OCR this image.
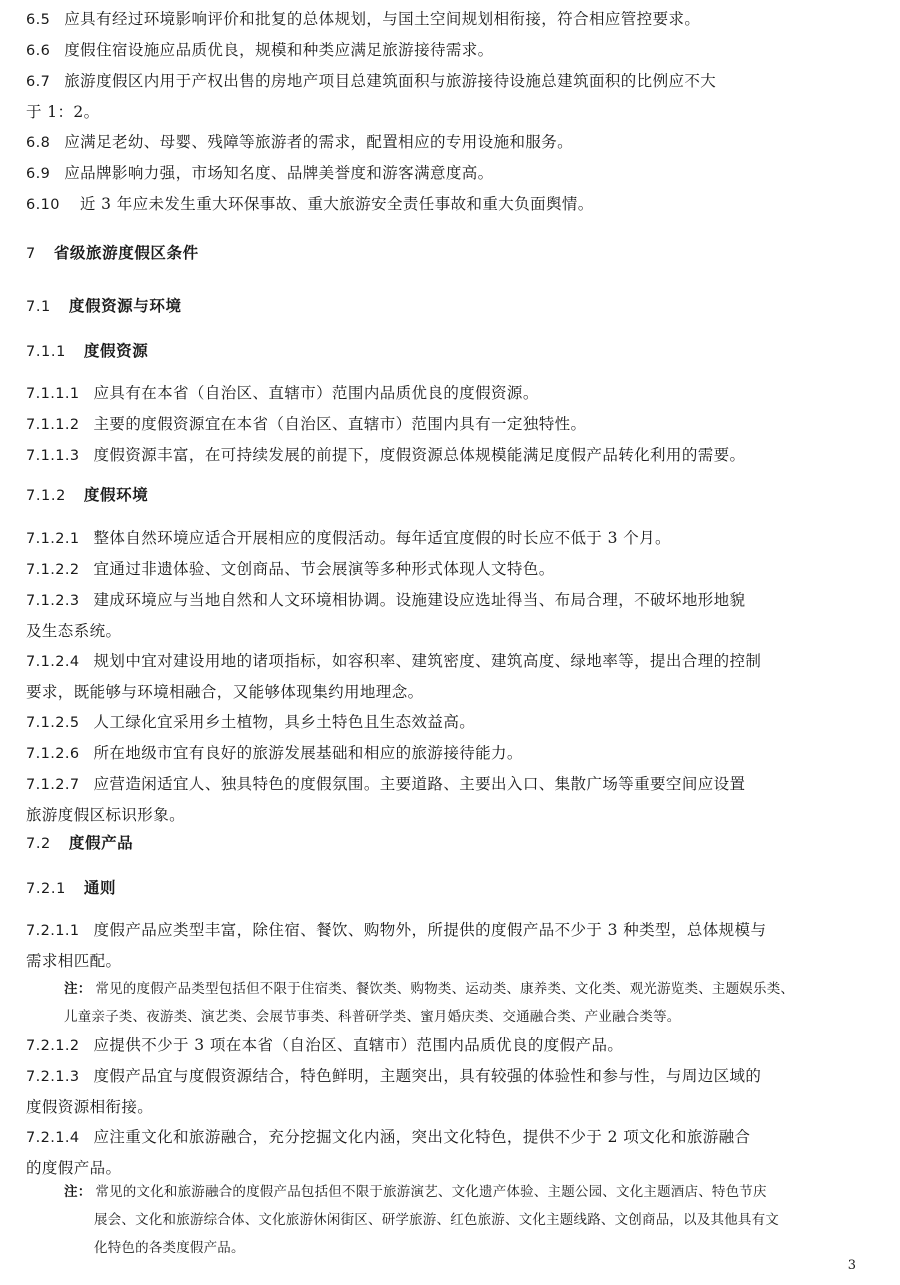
6.5 应具有经过环境影响评价和批复的总体规划，与国土空间规划相衔接，符合相应管控要求。
6.6 度假住宿设施应品质优良，规模和种类应满足旅游接待需求。
6.7 旅游度假区内用于产权出售的房地产项目总建筑面积与旅游接待设施总建筑面积的比例应不大
于 1：2。
6.8 应满足老幼、母婴、残障等旅游者的需求，配置相应的专用设施和服务。
6.9 应品牌影响力强，市场知名度、品牌美誉度和游客满意度高。
6.10 近 3 年应未发生重大环保事故、重大旅游安全责任事故和重大负面舆情。
7 省级旅游度假区条件
7.1 度假资源与环境
7.1.1 度假资源
7.1.1.1 应具有在本省（自治区、直辖市）范围内品质优良的度假资源。
7.1.1.2 主要的度假资源宜在本省（自治区、直辖市）范围内具有一定独特性。
7.1.1.3 度假资源丰富，在可持续发展的前提下，度假资源总体规模能满足度假产品转化利用的需要。
7.1.2 度假环境
7.1.2.1 整体自然环境应适合开展相应的度假活动。每年适宜度假的时长应不低于 3 个月。
7.1.2.2 宜通过非遗体验、文创商品、节会展演等多种形式体现人文特色。
7.1.2.3 建成环境应与当地自然和人文环境相协调。设施建设应选址得当、布局合理，不破坏地形地貌
及生态系统。
7.1.2.4 规划中宜对建设用地的诸项指标，如容积率、建筑密度、建筑高度、绿地率等，提出合理的控制
要求，既能够与环境相融合，又能够体现集约用地理念。
7.1.2.5 人工绿化宜采用乡土植物，具乡土特色且生态效益高。
7.1.2.6 所在地级市宜有良好的旅游发展基础和相应的旅游接待能力。
7.1.2.7 应营造闲适宜人、独具特色的度假氛围。主要道路、主要出入口、集散广场等重要空间应设置
旅游度假区标识形象。
7.2 度假产品
7.2.1 通则
7.2.1.1 度假产品应类型丰富，除住宿、餐饮、购物外，所提供的度假产品不少于 3 种类型，总体规模与
需求相匹配。
注： 常见的度假产品类型包括但不限于住宿类、餐饮类、购物类、运动类、康养类、文化类、观光游览类、主题娱乐类、
儿童亲子类、夜游类、演艺类、会展节事类、科普研学类、蜜月婚庆类、交通融合类、产业融合类等。
7.2.1.2 应提供不少于 3 项在本省（自治区、直辖市）范围内品质优良的度假产品。
7.2.1.3 度假产品宜与度假资源结合，特色鲜明，主题突出，具有较强的体验性和参与性，与周边区域的
度假资源相衔接。
7.2.1.4 应注重文化和旅游融合，充分挖掘文化内涵，突出文化特色，提供不少于 2 项文化和旅游融合
的度假产品。
注： 常见的文化和旅游融合的度假产品包括但不限于旅游演艺、文化遗产体验、主题公园、文化主题酒店、特色节庆
展会、文化和旅游综合体、文化旅游休闲街区、研学旅游、红色旅游、文化主题线路、文创商品，以及其他具有文
化特色的各类度假产品。
3
